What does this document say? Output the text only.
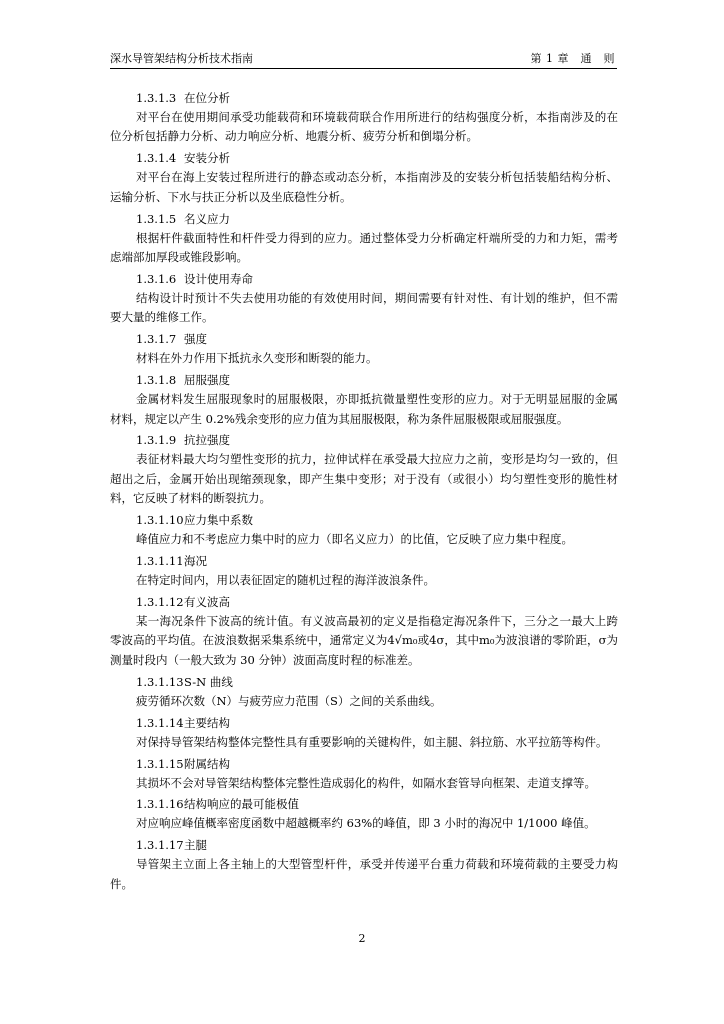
深水导管架结构分析技术指南	第 1 章　通　则
1.3.1.3 在位分析

对平台在使用期间承受功能载荷和环境载荷联合作用所进行的结构强度分析，本指南涉及的在位分析包括静力分析、动力响应分析、地震分析、疲劳分析和倒塌分析。

1.3.1.4 安装分析

对平台在海上安装过程所进行的静态或动态分析，本指南涉及的安装分析包括装船结构分析、运输分析、下水与扶正分析以及坐底稳性分析。

1.3.1.5 名义应力

根据杆件截面特性和杆件受力得到的应力。通过整体受力分析确定杆端所受的力和力矩，需考虑端部加厚段或锥段影响。

1.3.1.6 设计使用寿命

结构设计时预计不失去使用功能的有效使用时间，期间需要有针对性、有计划的维护，但不需要大量的维修工作。

1.3.1.7 强度

材料在外力作用下抵抗永久变形和断裂的能力。

1.3.1.8 屈服强度

金属材料发生屈服现象时的屈服极限，亦即抵抗微量塑性变形的应力。对于无明显屈服的金属材料，规定以产生 0.2%残余变形的应力值为其屈服极限，称为条件屈服极限或屈服强度。

1.3.1.9 抗拉强度

表征材料最大均匀塑性变形的抗力，拉伸试样在承受最大拉应力之前，变形是均匀一致的，但超出之后，金属开始出现缩颈现象，即产生集中变形；对于没有（或很小）均匀塑性变形的脆性材料，它反映了材料的断裂抗力。

1.3.1.10应力集中系数

峰值应力和不考虑应力集中时的应力（即名义应力）的比值，它反映了应力集中程度。

1.3.1.11海况

在特定时间内，用以表征固定的随机过程的海洋波浪条件。

1.3.1.12有义波高

某一海况条件下波高的统计值。有义波高最初的定义是指稳定海况条件下，三分之一最大上跨零波高的平均值。在波浪数据采集系统中，通常定义为4√m₀或4σ，其中m₀为波浪谱的零阶距，σ为测量时段内（一般大致为 30 分钟）波面高度时程的标准差。

1.3.1.13S-N 曲线

疲劳循环次数（N）与疲劳应力范围（S）之间的关系曲线。

1.3.1.14主要结构

对保持导管架结构整体完整性具有重要影响的关键构件，如主腿、斜拉筋、水平拉筋等构件。

1.3.1.15附属结构

其损坏不会对导管架结构整体完整性造成弱化的构件，如隔水套管导向框架、走道支撑等。

1.3.1.16结构响应的最可能极值

对应响应峰值概率密度函数中超越概率约 63%的峰值，即 3 小时的海况中 1/1000 峰值。

1.3.1.17主腿

导管架主立面上各主轴上的大型管型杆件，承受并传递平台重力荷载和环境荷载的主要受力构件。

2
